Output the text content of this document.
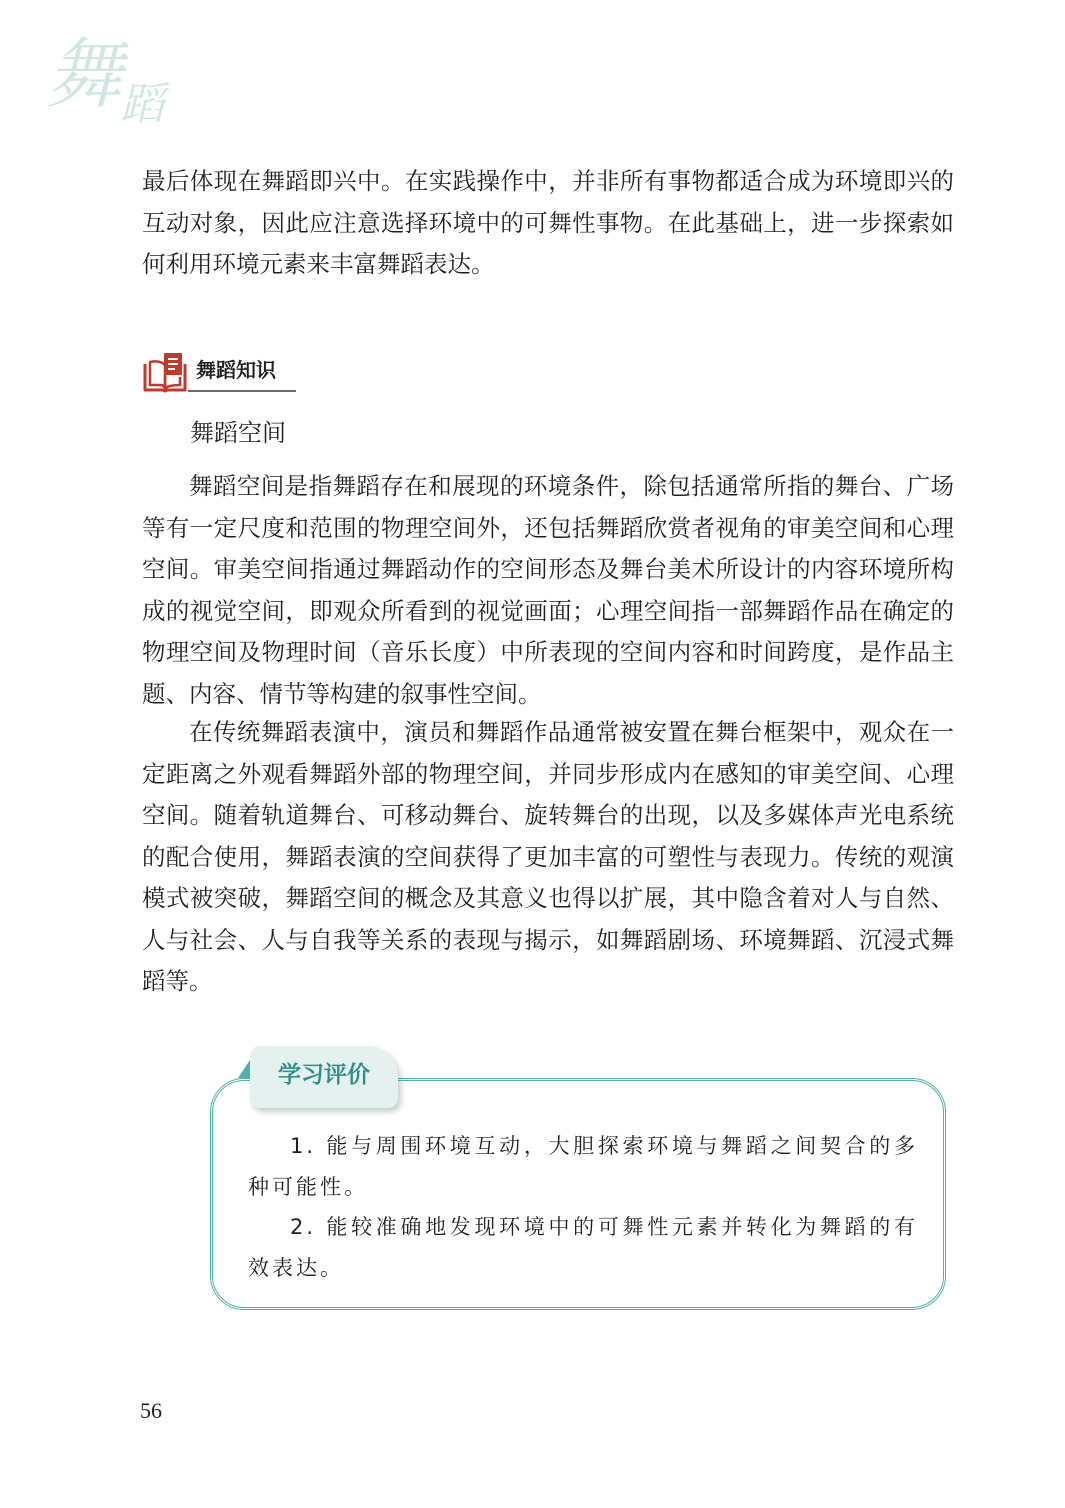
舞
蹈

最后体现在舞蹈即兴中。在实践操作中，并非所有事物都适合成为环境即兴的互动对象，因此应注意选择环境中的可舞性事物。在此基础上，进一步探索如何利用环境元素来丰富舞蹈表达。

舞蹈知识

舞蹈空间

舞蹈空间是指舞蹈存在和展现的环境条件，除包括通常所指的舞台、广场等有一定尺度和范围的物理空间外，还包括舞蹈欣赏者视角的审美空间和心理空间。审美空间指通过舞蹈动作的空间形态及舞台美术所设计的内容环境所构成的视觉空间，即观众所看到的视觉画面；心理空间指一部舞蹈作品在确定的物理空间及物理时间（音乐长度）中所表现的空间内容和时间跨度，是作品主题、内容、情节等构建的叙事性空间。

在传统舞蹈表演中，演员和舞蹈作品通常被安置在舞台框架中，观众在一定距离之外观看舞蹈外部的物理空间，并同步形成内在感知的审美空间、心理空间。随着轨道舞台、可移动舞台、旋转舞台的出现，以及多媒体声光电系统的配合使用，舞蹈表演的空间获得了更加丰富的可塑性与表现力。传统的观演模式被突破，舞蹈空间的概念及其意义也得以扩展，其中隐含着对人与自然、人与社会、人与自我等关系的表现与揭示，如舞蹈剧场、环境舞蹈、沉浸式舞蹈等。

学习评价

1. 能与周围环境互动，大胆探索环境与舞蹈之间契合的多种可能性。

2. 能较准确地发现环境中的可舞性元素并转化为舞蹈的有效表达。

56
